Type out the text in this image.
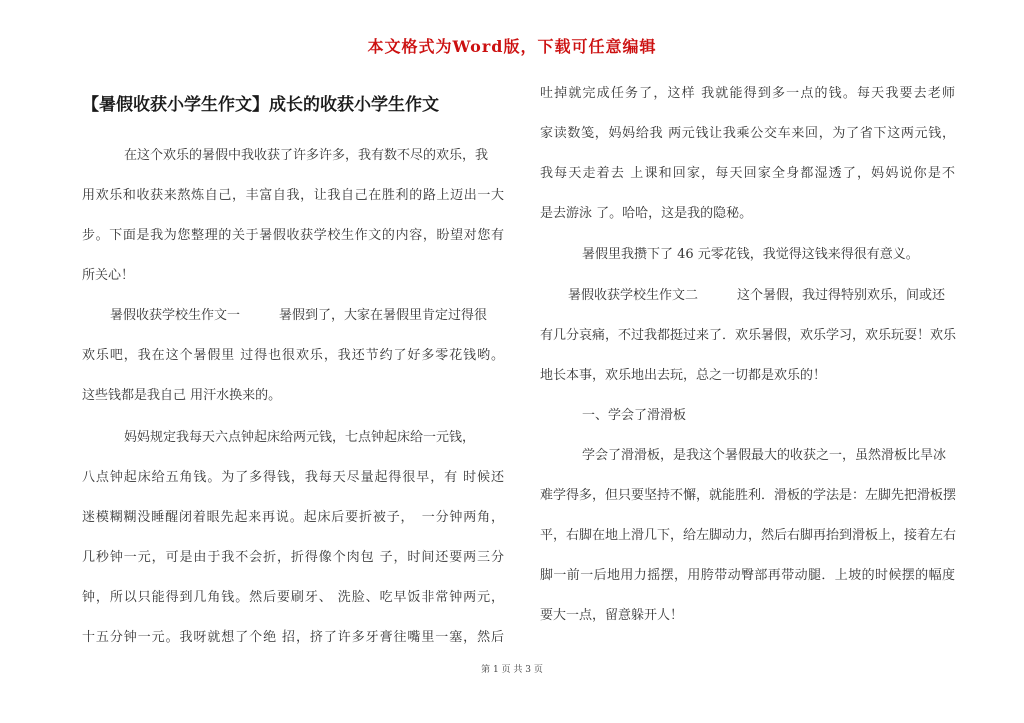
本文格式为Word版，下载可任意编辑
【暑假收获小学生作文】成长的收获小学生作文
在这个欢乐的暑假中我收获了许多许多，我有数不尽的欢乐，我
用欢乐和收获来熬炼自己，丰富自我，让我自己在胜利的路上迈出一大
步。下面是我为您整理的关于暑假收获学校生作文的内容，盼望对您有
所关心！
暑假收获学校生作文一　　　暑假到了，大家在暑假里肯定过得很
欢乐吧，我在这个暑假里 过得也很欢乐，我还节约了好多零花钱哟。
这些钱都是我自己 用汗水换来的。
妈妈规定我每天六点钟起床给两元钱，七点钟起床给一元钱，
八点钟起床给五角钱。为了多得钱，我每天尽量起得很早，有 时候还
迷模糊糊没睡醒闭着眼先起来再说。起床后要折被子，　一分钟两角，
几秒钟一元，可是由于我不会折，折得像个肉包 子，时间还要两三分
钟，所以只能得到几角钱。然后要刷牙、 洗脸、吃早饭非常钟两元，
十五分钟一元。我呀就想了个绝 招，挤了许多牙膏往嘴里一塞，然后
吐掉就完成任务了，这样 我就能得到多一点的钱。每天我要去老师
家读数笺，妈妈给我 两元钱让我乘公交车来回，为了省下这两元钱，
我每天走着去 上课和回家，每天回家全身都湿透了，妈妈说你是不
是去游泳 了。哈哈，这是我的隐秘。
暑假里我攒下了 46 元零花钱，我觉得这钱来得很有意义。
暑假收获学校生作文二　　　这个暑假，我过得特别欢乐，间或还
有几分哀痛，不过我都挺过来了．欢乐暑假，欢乐学习，欢乐玩耍！欢乐
地长本事，欢乐地出去玩，总之一切都是欢乐的！
一、学会了滑滑板
学会了滑滑板，是我这个暑假最大的收获之一，虽然滑板比旱冰
难学得多，但只要坚持不懈，就能胜利．滑板的学法是：左脚先把滑板摆
平，右脚在地上滑几下，给左脚动力，然后右脚再抬到滑板上，接着左右
脚一前一后地用力摇摆，用胯带动臀部再带动腿．上坡的时候摆的幅度
要大一点，留意躲开人！
第 1 页 共 3 页
